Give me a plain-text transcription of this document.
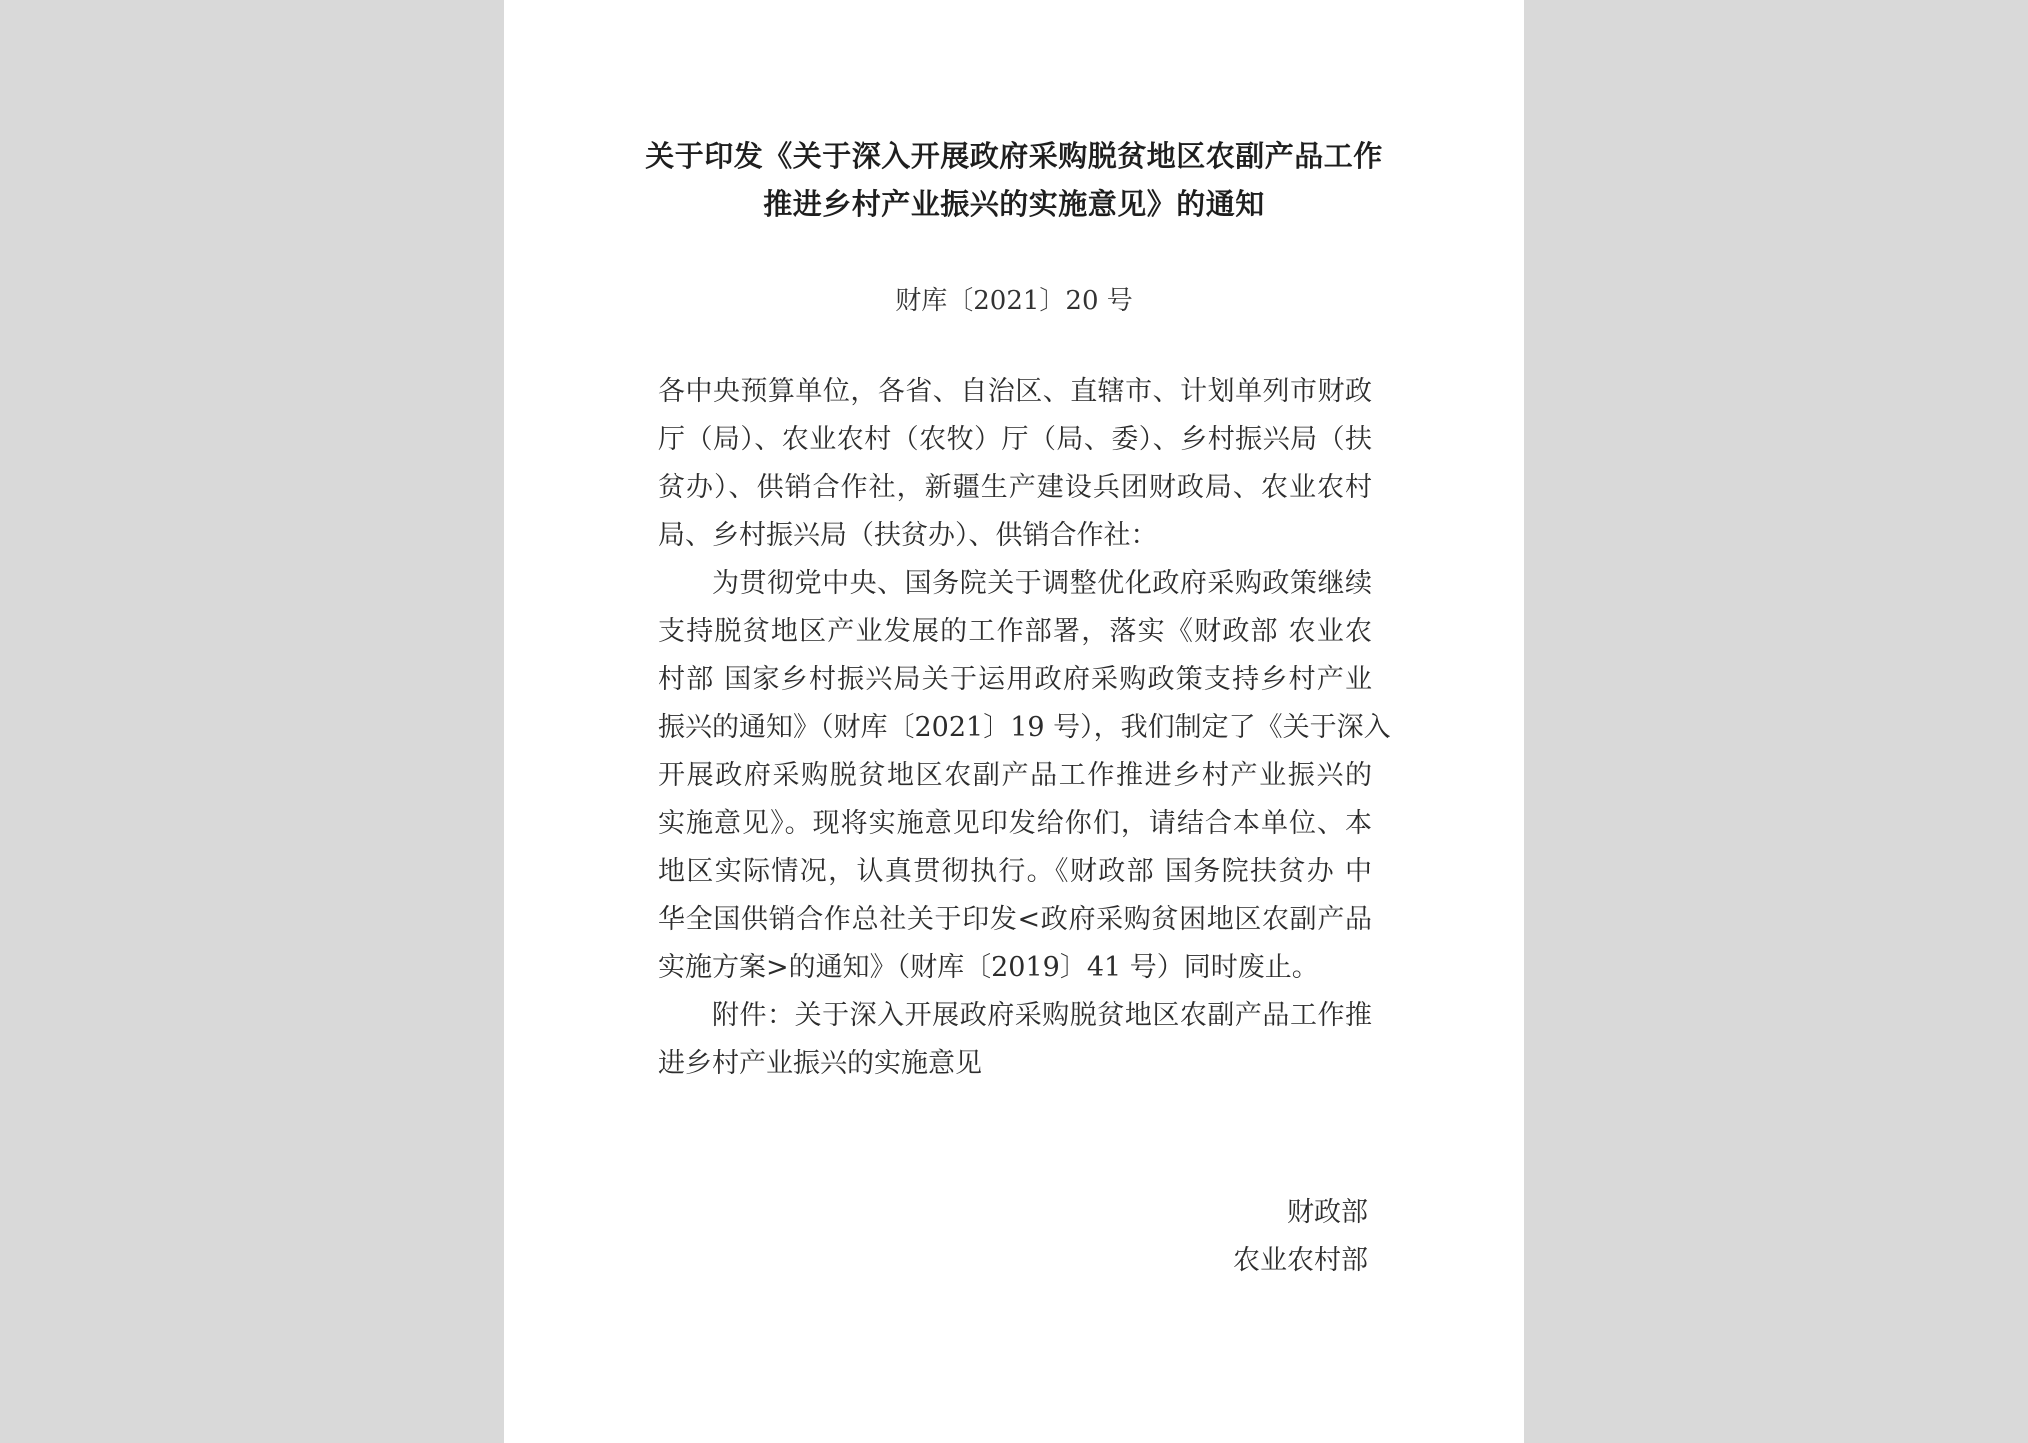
关于印发《关于深入开展政府采购脱贫地区农副产品工作
推进乡村产业振兴的实施意见》的通知
财库〔2021〕20 号
各中央预算单位，各省、自治区、直辖市、计划单列市财政
厅（局）、农业农村（农牧）厅（局、委）、乡村振兴局（扶
贫办）、供销合作社，新疆生产建设兵团财政局、农业农村
局、乡村振兴局（扶贫办）、供销合作社：
为贯彻党中央、国务院关于调整优化政府采购政策继续
支持脱贫地区产业发展的工作部署，落实《财政部 农业农
村部 国家乡村振兴局关于运用政府采购政策支持乡村产业
振兴的通知》（财库〔2021〕19 号），我们制定了《关于深入
开展政府采购脱贫地区农副产品工作推进乡村产业振兴的
实施意见》。现将实施意见印发给你们，请结合本单位、本
地区实际情况，认真贯彻执行。《财政部 国务院扶贫办 中
华全国供销合作总社关于印发<政府采购贫困地区农副产品
实施方案>的通知》（财库〔2019〕41 号）同时废止。
附件：关于深入开展政府采购脱贫地区农副产品工作推
进乡村产业振兴的实施意见
财政部
农业农村部
